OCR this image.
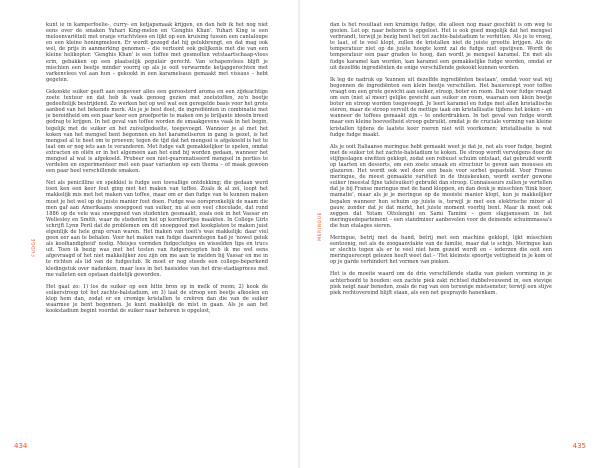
kunt ie in kamperfoelie-, curry- en ketjapsmaak krijgen, en dan heb ik het nog niet eens over de smaken Yuhari King-melon en 'Genghis Khan'. Yuhari King is een meloenvariëteit met oranje vruchtvlees en lijkt op een kruising tussen een cantaloupe en een kleine honingmeloen. Er wordt gezegd dat hij gelukbrengt, en dat mag ook wel, de prijs in aanmerking genomen – die vertoont ook gelijkenis met die van een kleine helikopter. 'Genghis Khan' is een toffee met gesmolten vetstaartschaap-vlees erin, gebakken op een plaatselijk populair gerecht. Van schapenvlees blijft je mischien een beetje minder voorrij op als je ooit verwarmde ketjapgerechten met varkenvlees vol aan hun – gekookt in een karamelsaus gemaakt met vissaus – hebt gegeten.

Gekookte suiker geeft aan ongeveer alles een geroosterd aroma en een zijdeachtige zoete textuur en dat heb ik vaak genoeg gezien met zoetstoffen, zo'n beetje gedeeltelijk bestrijdend. Zo werken het op wel wat een geregelde basis voor het grote aanbod van het bekende merk. Als je je best doet, de ingrediënten in combinatie met je bereidheid om een paar keer een proefportie te maken om je briljante ideeën breed gedrag te krijgen. In het geval van toffee worden de smaakgevens vaak in het begin, tegelijk met de suiker en het zuivelgedeelte, toegevoegd. Wanneer je al met het koken van het mengsel bent begonnen en het karameliseren in gang is gezet, is het mengsel al te heet om te proeven; tegen de tijd dat het mengsel is afgekoeld is het te laat om er nog iets aan te veranderen. Met fudge valt gemakkelijker te spelen, omdat extracten en oliën er in het algemeen aan het eind bij worden gedaan, wanneer het mengsel al wat is afgekoeld. Probeer een niet-gearomatiseerd mengsel in porties te verdelen en experimenteer met een paar varianten op een thema – of maak gewoon een paar heel verschillende smaken.

Net als penicilline en spekkiel is fudge een toevallige ontdekking; die gedaan werd toen ken een keer fout ging met het maken van toffee. Zoals ik al zei, loopt het makkelijk mis met het maken van toffee, maar om er dan fudge van te kunnen maken moet je het wel op de juiste manier fout doen. Fudge was oorspronkelijk de naam die men gaf aan Amerikaans snoepgoed van suiker, nu al een veel chocolade, dat rond 1886 op de vele was snoepgoed van studenten gesmaakt, zoals ook in het Vassar en Wellesley en Smith, waar de studenten het op kornfoortjes maakten. In College Girls schrijft Lynn Peril dat de problemen om dit snoepgoed met kookplaten te maken juist eigenlijk de hele grap ervan waren. Het maken van toeit's was makkelijk: daar viel geen eer aan te behalen. Voor het maken van fudge daarentegen had je 'nowel geluk als koolhandigheid' nodig. Meisjes vormden fudgeclubjes en wisselden tips en trucs uit. Toen ik bezig was met het testen van fudgerecepten heb ik me wel eens afgevraagd of het niet makkelijker zou zijn om me aan te melden bij Vassar en me in te richten als lid van de fudgeclub. Ik moet er nog steeds een college-beperkend kledingstuk over nadenken, maar lees in het basisidee van het drie-stadiaproces met me valleten een opstaan duidelijk geworden.

Het gaat zo: 1) los de suiker op een hitte bron op in melk of room; 2) kook de suikerstroop tot het zachte-balstadium, en 3) laat de stroop een beetje afkoelen en klop hem dan, zodat er en cremige kristallen te creëren dan die van de suiker waarmee je bent begonnen. Je kunt makkelijk de mist in gaan. Als je aan het kookstadium begint voordat de suiker naar behoren is opgelost,

FUDGE
434

dan is het resultaat een kruimige fudge, die alleen nog maar geschikt is om weg te gooien. Let op: naar behoren is opgelost. Het is ook goed mogelijk dat het mengsel verbrandt, terwijl je bezig bent het tot zachte-balstadium te verhitten. Als je te vroeg, te laat, of te veel klopt, zullen de kristallen niet de juiste grootte krijgen. Als de temperatuur niet op de juiste hoogte komt zal de fudge niet opstijven. Wordt de temperatuur een paar graden te hoog, dan wordt je mengsel karamel. En met als fudge karamel kan worden, kan karamel een gemakkelijke fudge worden, omdat er uit dezelfde ingrediënten de enige verschillende gekookt kunnen worden.

Ik leg de nadruk op 'kunnen uit dezelfde ingrediënten bestaan', omdat voor wat wij begonnen de ingrediënten een klein beetje verschillen. Het basisrecept voor toffee vraagt om een grote gewicht aan suiker, stroop, boter en room. Dat voor fudge vraagt om een (niet al meer) gelijke gewicht aan suiker en room, waaraan een klein beetje boter en stroop worden toegevoegd. Je leert karamel en fudge met allen kristallische eieren, maar de stroop vervult de mettige taak om kristallisatie tijdens het koken – en wanneer de toffees gemaakt zijn – te onderdrukken. In het geval van fudge wordt maar een kleine hoeveelheid stroop gebruikt, omdat je de cruciale vorming van kleine kristallen tijdens de laatste keer roeren niet wilt voorkomen; kristallisatie is wat fudge fudge maakt.

Als je ooit Italiaanse meringue hebt gemaakt weet je dat je, net als voor fudge, begint met de suiker tot het zachte-balstadium te koken. De stroop wordt vervolgens door de stijfgeslagen eiwitten geklopt, zodat een robuust schuim ontstaat, dat gebruikt wordt op taarten en desserts, om een zoete smaak en structuur te geven aan mousses en glazuren. Het wordt ook wel door een basis voor sorbet gepasteld. Voor Franse meringue, de meest gemaakte variëteit in de thuiskeuken, wordt eerder gewone suiker (meestal fijne tafelsuiker) gebruikt dan stroop. Connaisseurs zullen je vertellen dat je bij Franse meringue met de hand kloppen, en dan denk je misschien 'fiink hoor, mamatie', maar als je je meringue op de mooiste manier klopt, kun je makkelijker bepalen wanneer hun schuim op juiste is, terwijl je met een elektrische mixer al gauw, zonder dat je dat merkt, het juiste moment voorbij bent. Maar ik moet ook zeggen dat Yotam Ottolenghi en Sami Tamimi – geen slapjanussen in het meringuedepartement – een standmixer aanbevelen voor de deinende schuimmassa's die hun etalages sieren.

Meringue, betrij met de hand, betrij met een machine geklopt, lijkt misschien eentoonig, net als de zoogaanvlakte van de familie, maar dat is schijn. Meringue kan er slechts tegen als er te veel niet hem gezeid wordt en – iederzen die ooit een meringuerecept gelezen heeft weet dat – 'Het kleinste spoortje vettigheid in je kom of op je garde verhindert het vormen van pieken.

Het is de moeite waard om de drie verschillende stadia van pieken vorming in je achterhoofd te houden: een zachte piek zakt richtsel dubbelvouwend in, een stevige piek neigt naar beneden, zoals de rug van een teruwige mietseneter, terwijl een stijve piek rechtovereind blijft staan, als een net gesprayde hanenkam.

MERINGUE
435
